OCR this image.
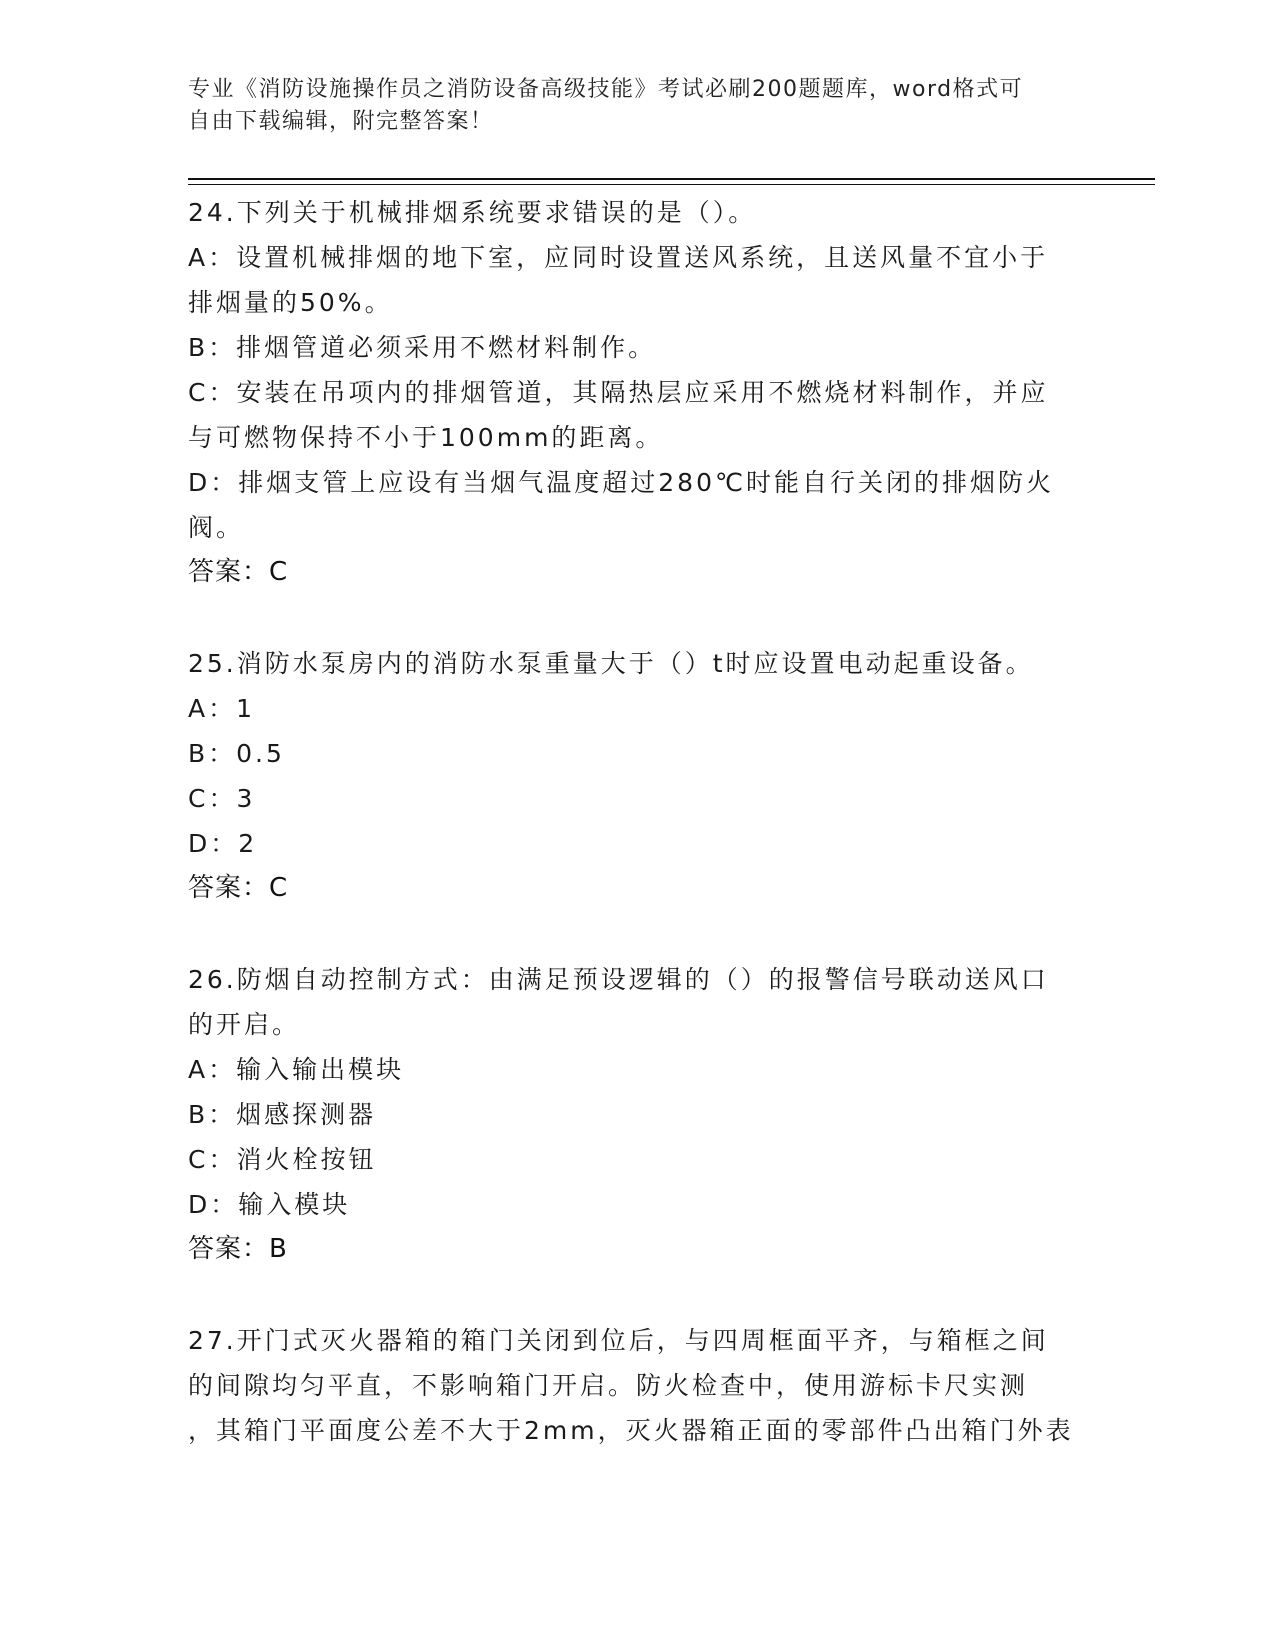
专业《消防设施操作员之消防设备高级技能》考试必刷200题题库，word格式可
自由下载编辑，附完整答案！
24.下列关于机械排烟系统要求错误的是（）。
A：设置机械排烟的地下室，应同时设置送风系统，且送风量不宜小于
排烟量的50%。
B：排烟管道必须采用不燃材料制作。
C：安装在吊项内的排烟管道，其隔热层应采用不燃烧材料制作，并应
与可燃物保持不小于100mm的距离。
D：排烟支管上应设有当烟气温度超过280℃时能自行关闭的排烟防火
阀。
答案：C
25.消防水泵房内的消防水泵重量大于（）t时应设置电动起重设备。
A：1
B：0.5
C：3
D：2
答案：C
26.防烟自动控制方式：由满足预设逻辑的（）的报警信号联动送风口
的开启。
A：输入输出模块
B：烟感探测器
C：消火栓按钮
D：输入模块
答案：B
27.开门式灭火器箱的箱门关闭到位后，与四周框面平齐，与箱框之间
的间隙均匀平直，不影响箱门开启。防火检查中，使用游标卡尺实测
，其箱门平面度公差不大于2mm，灭火器箱正面的零部件凸出箱门外表
